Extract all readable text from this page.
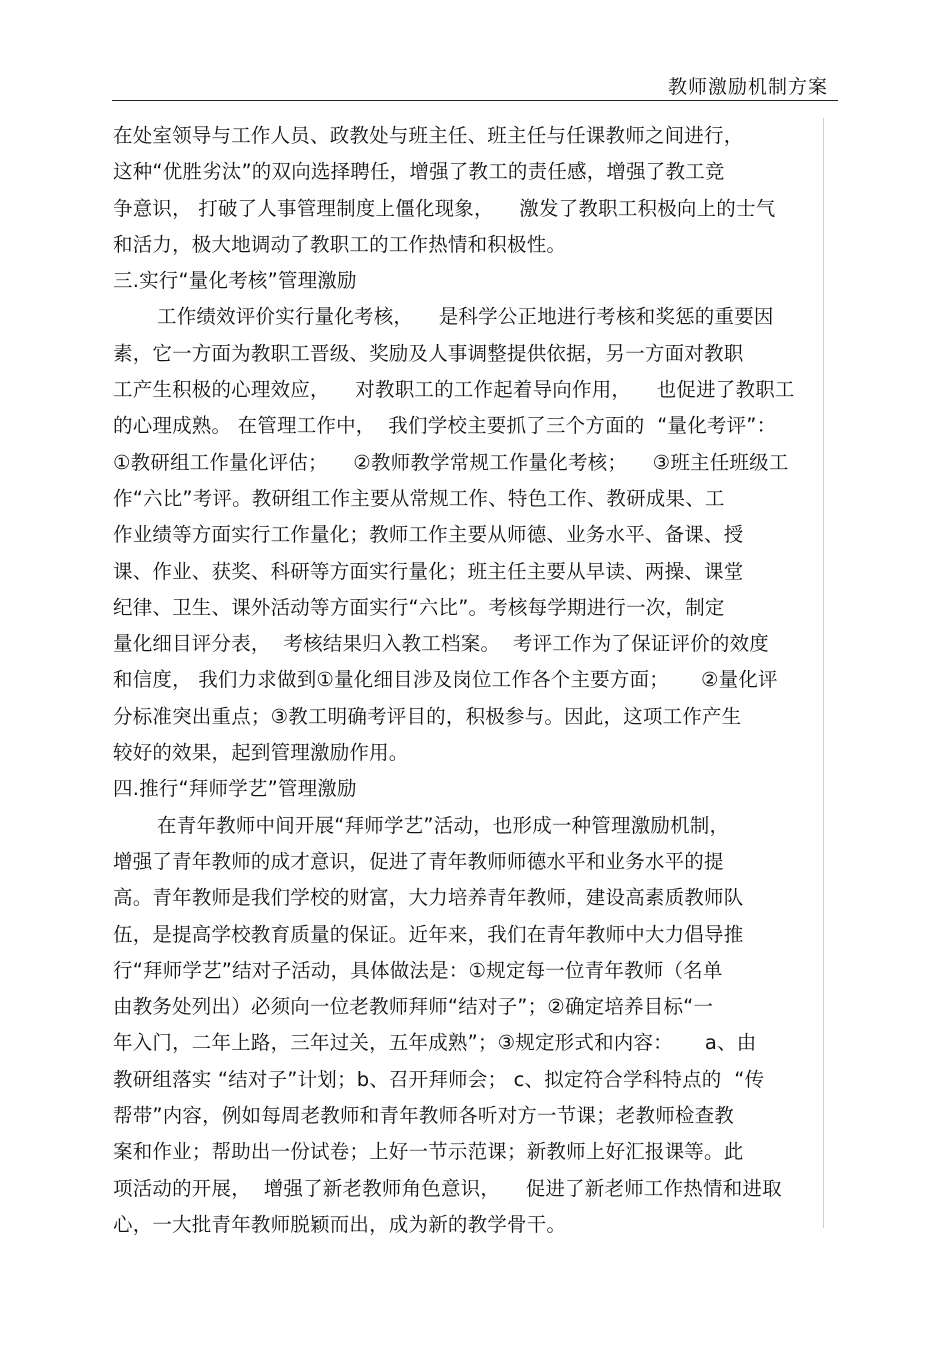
教师激励机制方案
在处室领导与工作人员、政教处与班主任、班主任与任课教师之间进行，
这种“优胜劣汰”的双向选择聘任，增强了教工的责任感，增强了教工竞
争意识， 打破了人事管理制度上僵化现象，    激发了教职工积极向上的士气
和活力，极大地调动了教职工的工作热情和积极性。
三.实行“量化考核”管理激励
工作绩效评价实行量化考核，    是科学公正地进行考核和奖惩的重要因
素，它一方面为教职工晋级、奖励及人事调整提供依据，另一方面对教职
工产生积极的心理效应，    对教职工的工作起着导向作用，    也促进了教职工
的心理成熟。 在管理工作中，  我们学校主要抓了三个方面的  “量化考评”：
①教研组工作量化评估；    ②教师教学常规工作量化考核；    ③班主任班级工
作“六比”考评。教研组工作主要从常规工作、特色工作、教研成果、工
作业绩等方面实行工作量化；教师工作主要从师德、业务水平、备课、授
课、作业、获奖、科研等方面实行量化；班主任主要从早读、两操、课堂
纪律、卫生、课外活动等方面实行“六比”。考核每学期进行一次，制定
量化细目评分表，  考核结果归入教工档案。  考评工作为了保证评价的效度
和信度， 我们力求做到①量化细目涉及岗位工作各个主要方面；     ②量化评
分标准突出重点；③教工明确考评目的，积极参与。因此，这项工作产生
较好的效果，起到管理激励作用。
四.推行“拜师学艺”管理激励
在青年教师中间开展“拜师学艺”活动，也形成一种管理激励机制，
增强了青年教师的成才意识，促进了青年教师师德水平和业务水平的提
高。青年教师是我们学校的财富，大力培养青年教师，建设高素质教师队
伍，是提高学校教育质量的保证。近年来，我们在青年教师中大力倡导推
行“拜师学艺”结对子活动，具体做法是：①规定每一位青年教师（名单
由教务处列出）必须向一位老教师拜师“结对子”；②确定培养目标“一
年入门，二年上路，三年过关，五年成熟”；③规定形式和内容：     a、由
教研组落实 “结对子”计划；b、召开拜师会； c、拟定符合学科特点的  “传
帮带”内容，例如每周老教师和青年教师各听对方一节课；老教师检查教
案和作业；帮助出一份试卷；上好一节示范课；新教师上好汇报课等。此
项活动的开展，  增强了新老教师角色意识，    促进了新老师工作热情和进取
心，一大批青年教师脱颖而出，成为新的教学骨干。
